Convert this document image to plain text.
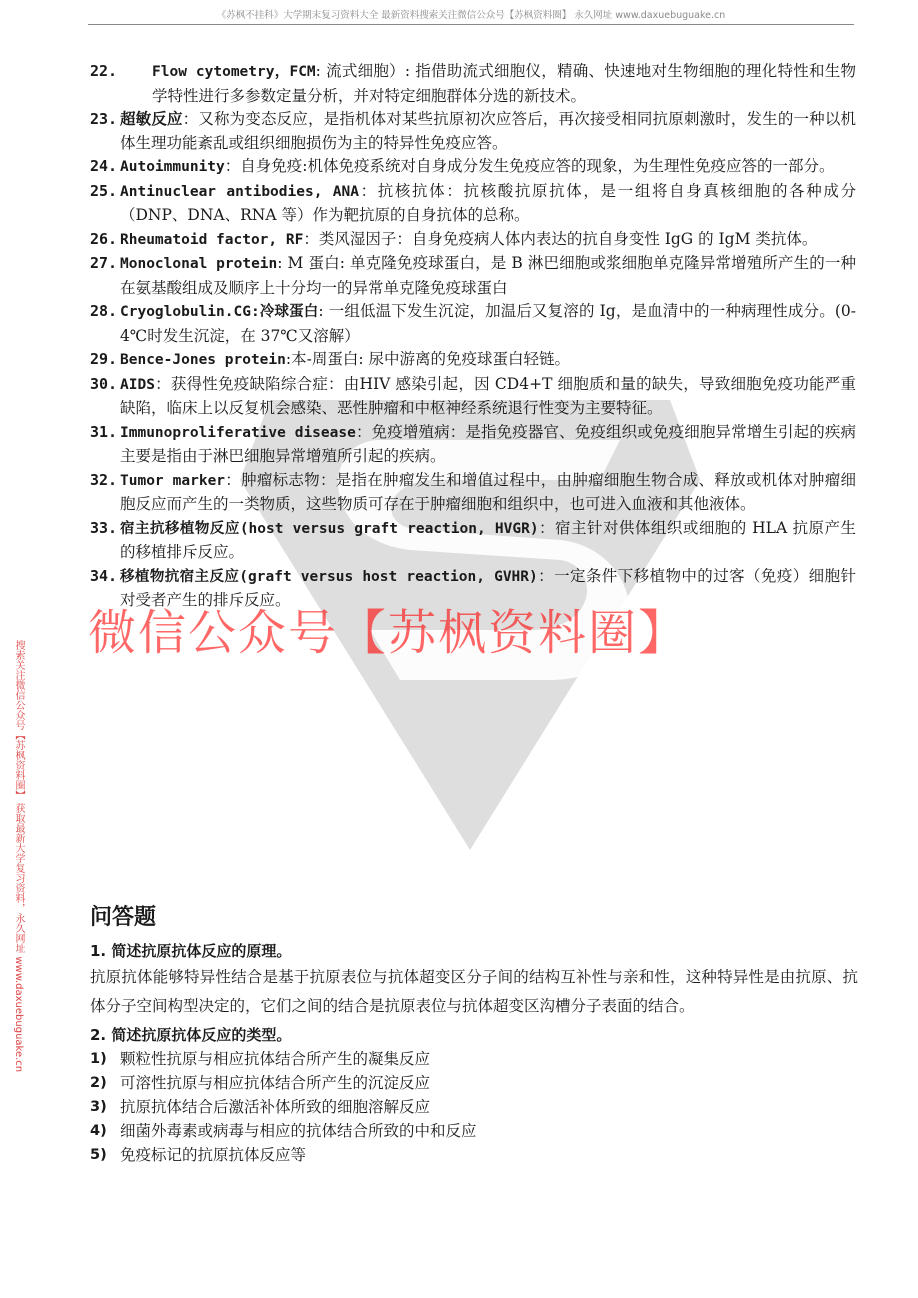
《苏枫不挂科》大学期末复习资料大全 最新资料搜索关注微信公众号【苏枫资料圈】 永久网址 www.daxuebuguake.cn
搜索关注微信公众号【苏枫资料圈】 获取最新大学复习资料，永久网址 www.daxuebuguake.cn
微信公众号【苏枫资料圈】
22.	Flow cytometry，FCM: 流式细胞）: 指借助流式细胞仪，精确、快速地对生物细胞的理化特性和生物学特性进行多参数定量分析，并对特定细胞群体分选的新技术。
23. 超敏反应：又称为变态反应，是指机体对某些抗原初次应答后，再次接受相同抗原刺激时，发生的一种以机体生理功能紊乱或组织细胞损伤为主的特异性免疫应答。
24. Autoimmunity：自身免疫:机体免疫系统对自身成分发生免疫应答的现象，为生理性免疫应答的一部分。
25. Antinuclear antibodies, ANA：抗核抗体：抗核酸抗原抗体，是一组将自身真核细胞的各种成分（DNP、DNA、RNA 等）作为靶抗原的自身抗体的总称。
26. Rheumatoid factor, RF：类风湿因子：自身免疫病人体内表达的抗自身变性 IgG 的 IgM 类抗体。
27. Monoclonal protein: M 蛋白: 单克隆免疫球蛋白，是 B 淋巴细胞或浆细胞单克隆异常增殖所产生的一种在氨基酸组成及顺序上十分均一的异常单克隆免疫球蛋白
28. Cryoglobulin.CG:冷球蛋白: 一组低温下发生沉淀，加温后又复溶的 Ig，是血清中的一种病理性成分。(0-4℃时发生沉淀，在 37℃又溶解）
29. Bence-Jones protein:本-周蛋白: 尿中游离的免疫球蛋白轻链。
30. AIDS：获得性免疫缺陷综合症：由HIV 感染引起，因 CD4+T 细胞质和量的缺失，导致细胞免疫功能严重缺陷，临床上以反复机会感染、恶性肿瘤和中枢神经系统退行性变为主要特征。
31. Immunoproliferative disease：免疫增殖病：是指免疫器官、免疫组织或免疫细胞异常增生引起的疾病主要是指由于淋巴细胞异常增殖所引起的疾病。
32. Tumor marker：肿瘤标志物：是指在肿瘤发生和增值过程中，由肿瘤细胞生物合成、释放或机体对肿瘤细胞反应而产生的一类物质，这些物质可存在于肿瘤细胞和组织中，也可进入血液和其他液体。
33. 宿主抗移植物反应(host versus graft reaction, HVGR)：宿主针对供体组织或细胞的 HLA 抗原产生的移植排斥反应。
34. 移植物抗宿主反应(graft versus host reaction, GVHR)：一定条件下移植物中的过客（免疫）细胞针对受者产生的排斥反应。
问答题
1. 简述抗原抗体反应的原理。
抗原抗体能够特异性结合是基于抗原表位与抗体超变区分子间的结构互补性与亲和性，这种特异性是由抗原、抗体分子空间构型决定的，它们之间的结合是抗原表位与抗体超变区沟槽分子表面的结合。
2. 简述抗原抗体反应的类型。
1) 颗粒性抗原与相应抗体结合所产生的凝集反应
2) 可溶性抗原与相应抗体结合所产生的沉淀反应
3) 抗原抗体结合后激活补体所致的细胞溶解反应
4) 细菌外毒素或病毒与相应的抗体结合所致的中和反应
5) 免疫标记的抗原抗体反应等
